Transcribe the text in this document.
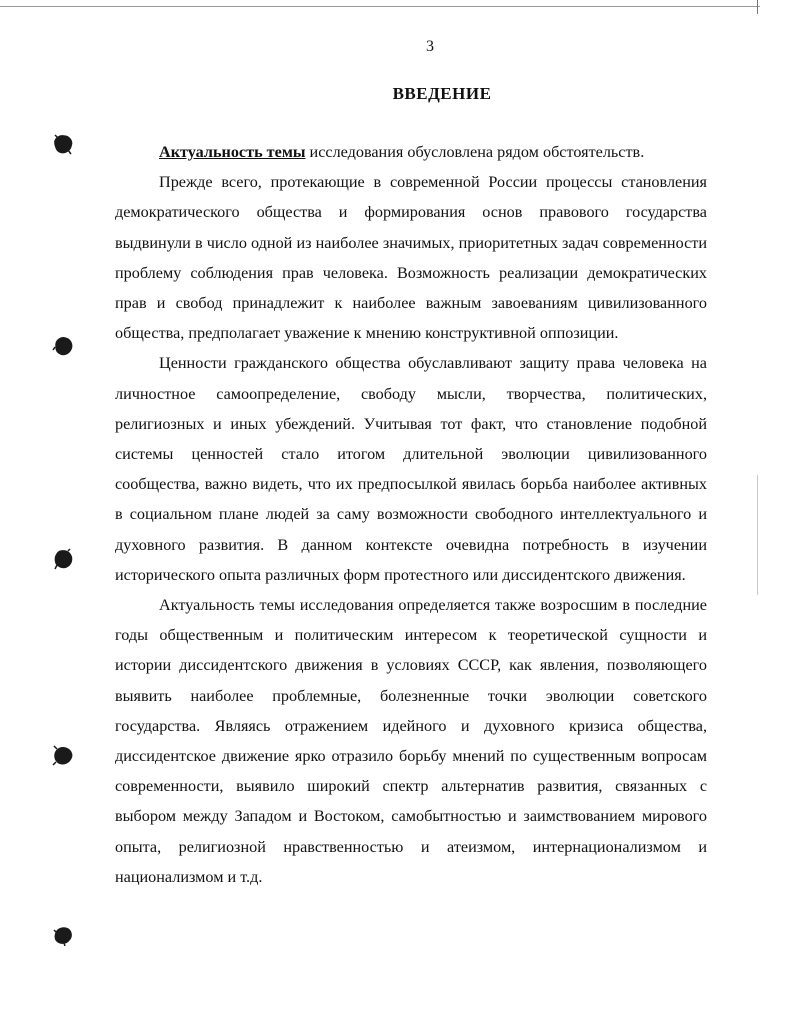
3
ВВЕДЕНИЕ

Актуальность темы исследования обусловлена рядом обстоятельств.

Прежде всего, протекающие в современной России процессы становления демократического общества и формирования основ правового государства выдвинули в число одной из наиболее значимых, приоритетных задач современности проблему соблюдения прав человека. Возможность реализации демократических прав и свобод принадлежит к наиболее важным завоеваниям цивилизованного общества, предполагает уважение к мнению конструктивной оппозиции.

Ценности гражданского общества обуславливают защиту права человека на личностное самоопределение, свободу мысли, творчества, политических, религиозных и иных убеждений. Учитывая тот факт, что становление подобной системы ценностей стало итогом длительной эволюции цивилизованного сообщества, важно видеть, что их предпосылкой явилась борьба наиболее активных в социальном плане людей за саму возможности свободного интеллектуального и духовного развития. В данном контексте очевидна потребность в изучении исторического опыта различных форм протестного или диссидентского движения.

Актуальность темы исследования определяется также возросшим в последние годы общественным и политическим интересом к теоретической сущности и истории диссидентского движения в условиях СССР, как явления, позволяющего выявить наиболее проблемные, болезненные точки эволюции советского государства. Являясь отражением идейного и духовного кризиса общества, диссидентское движение ярко отразило борьбу мнений по существенным вопросам современности, выявило широкий спектр альтернатив развития, связанных с выбором между Западом и Востоком, самобытностью и заимствованием мирового опыта, религиозной нравственностью и атеизмом, интернационализмом и национализмом и т.д.
